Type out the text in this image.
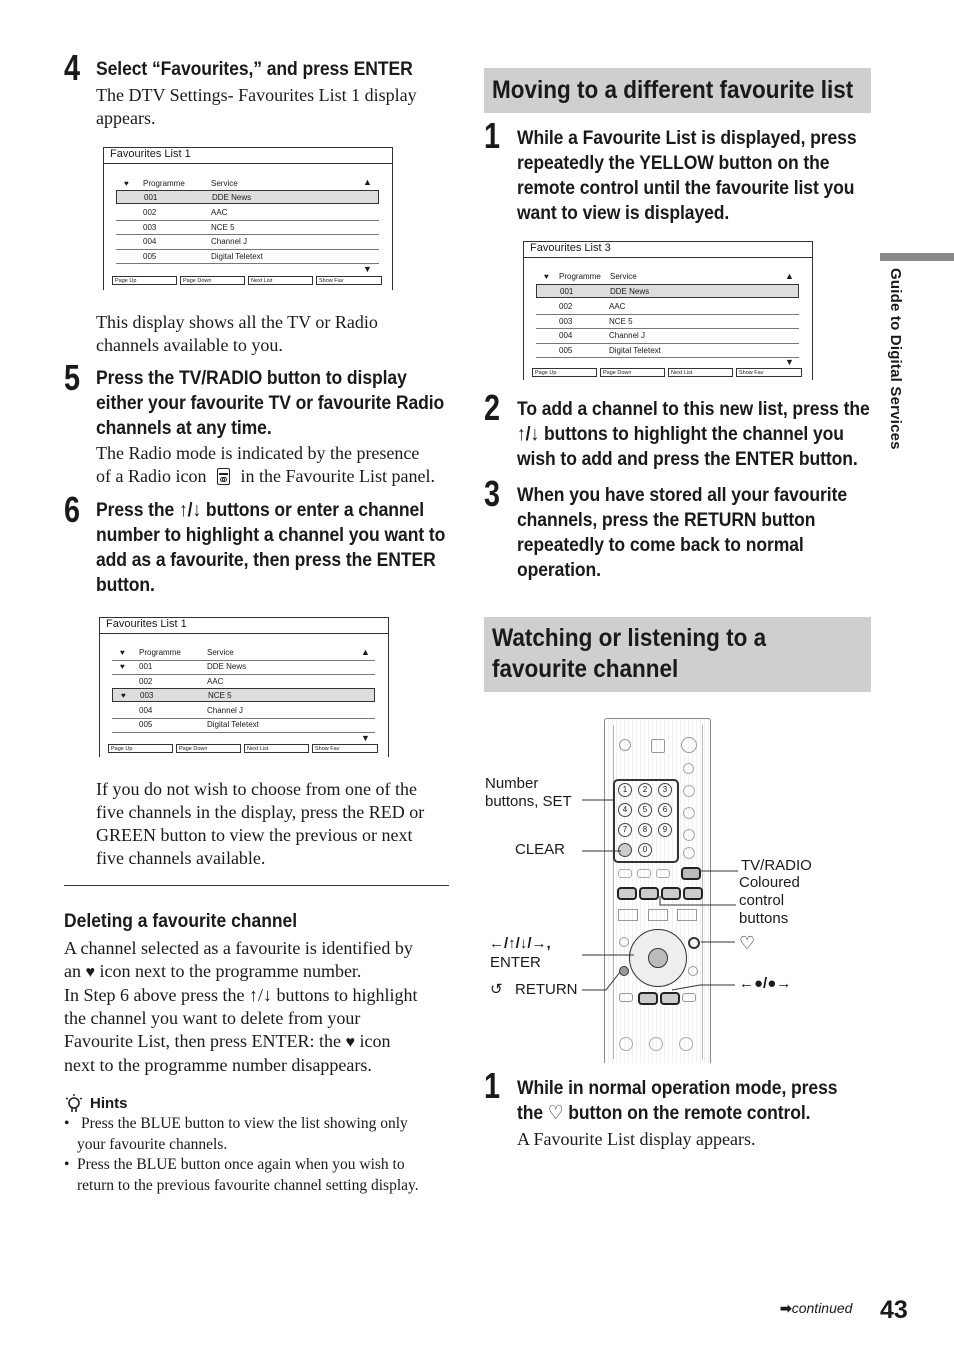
4 Select “Favourites,” and press ENTER
The DTV Settings- Favourites List 1 display
appears.
Favourites List 1
♥ Programme	Service	▲
001	DDE News
002	AAC
003	NCE 5
004	Channel J
005	Digital Teletext
▼
Page Up	Page Down	Next List	Show Fav
This display shows all the TV or Radio
channels available to you.
5 Press the TV/RADIO button to display
either your favourite TV or favourite Radio
channels at any time.
The Radio mode is indicated by the presence
of a Radio icon in the Favourite List panel.
6 Press the ↑/↓ buttons or enter a channel
number to highlight a channel you want to
add as a favourite, then press the ENTER
button.
Favourites List 1
♥ Programme	Service	▲
♥ 001	DDE News
002	AAC
♥ 003	NCE 5
004	Channel J
005	Digital Teletext
▼
Page Up	Page Down	Next List	Show Fav
If you do not wish to choose from one of the
five channels in the display, press the RED or
GREEN button to view the previous or next
five channels available.
Deleting a favourite channel
A channel selected as a favourite is identified by
an ♥ icon next to the programme number.
In Step 6 above press the ↑/↓ buttons to highlight
the channel you want to delete from your
Favourite List, then press ENTER: the ♥ icon
next to the programme number disappears.
Hints
• Press the BLUE button to view the list showing only
your favourite channels.
• Press the BLUE button once again when you wish to
return to the previous favourite channel setting display.
Moving to a different favourite list
1 While a Favourite List is displayed, press
repeatedly the YELLOW button on the
remote control until the favourite list you
want to view is displayed.
Favourites List 3
♥ Programme Service	▲
001	DDE News
002	AAC
003	NCE 5
004	Channel J
005	Digital Teletext
▼
Page Up	Page Down	Next List	Show Fav
2 To add a channel to this new list, press the
↑/↓ buttons to highlight the channel you
wish to add and press the ENTER button.
3 When you have stored all your favourite
channels, press the RETURN button
repeatedly to come back to normal
operation.
Watching or listening to a
favourite channel
1	2	3
4	5	6
7	8	9
0
Number
buttons, SET
CLEAR
TV/RADIO
Coloured
control
buttons
♡
←/↑/↓/→,
ENTER
←●/●→
↺ RETURN
1 While in normal operation mode, press
the ♡ button on the remote control.
A Favourite List display appears.
Guide to Digital Services
➡continued 43
